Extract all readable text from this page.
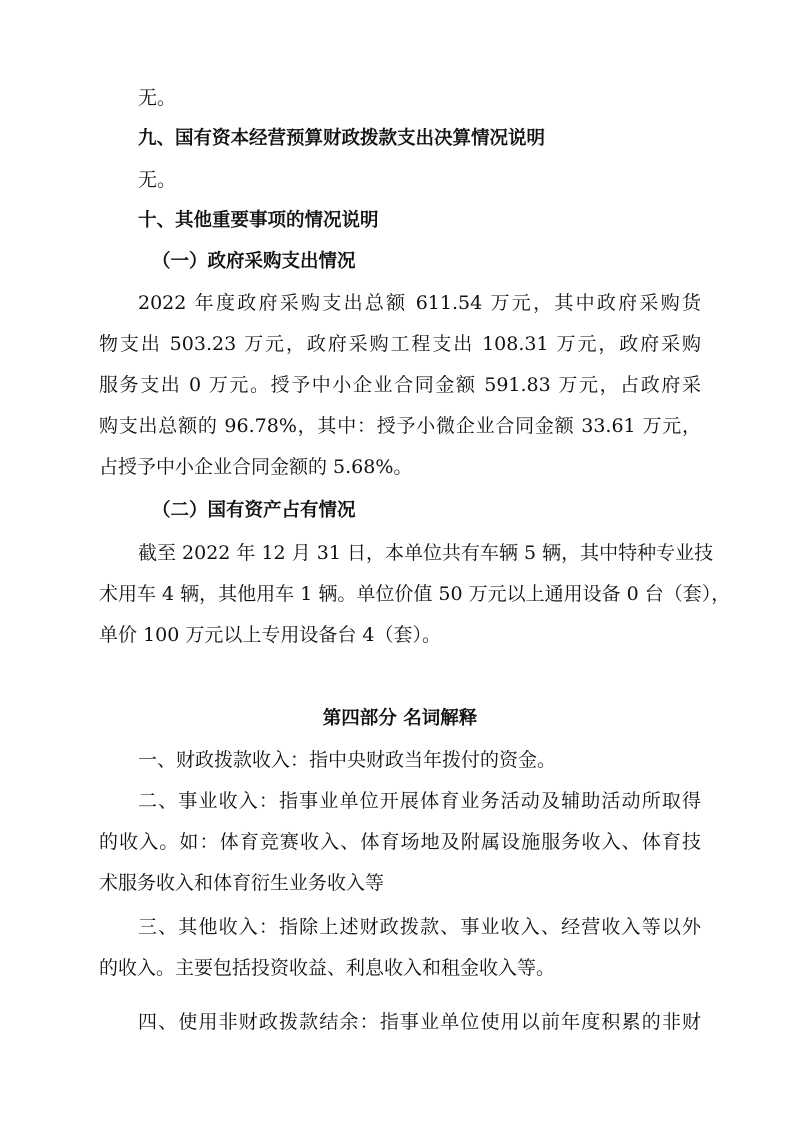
无。

九、国有资本经营预算财政拨款支出决算情况说明

无。

十、其他重要事项的情况说明

（一）政府采购支出情况

2022 年度政府采购支出总额 611.54 万元，其中政府采购货

物支出 503.23 万元，政府采购工程支出 108.31 万元，政府采购

服务支出 0 万元。授予中小企业合同金额 591.83 万元，占政府采

购支出总额的 96.78%，其中：授予小微企业合同金额 33.61 万元，

占授予中小企业合同金额的 5.68%。

（二）国有资产占有情况

截至 2022 年 12 月 31 日，本单位共有车辆 5 辆，其中特种专业技

术用车 4 辆，其他用车 1 辆。单位价值 50 万元以上通用设备 0 台（套），

单价 100 万元以上专用设备台 4（套）。

第四部分 名词解释

一、财政拨款收入：指中央财政当年拨付的资金。

二、事业收入：指事业单位开展体育业务活动及辅助活动所取得

的收入。如：体育竞赛收入、体育场地及附属设施服务收入、体育技

术服务收入和体育衍生业务收入等

三、其他收入：指除上述财政拨款、事业收入、经营收入等以外

的收入。主要包括投资收益、利息收入和租金收入等。

四、使用非财政拨款结余：指事业单位使用以前年度积累的非财
